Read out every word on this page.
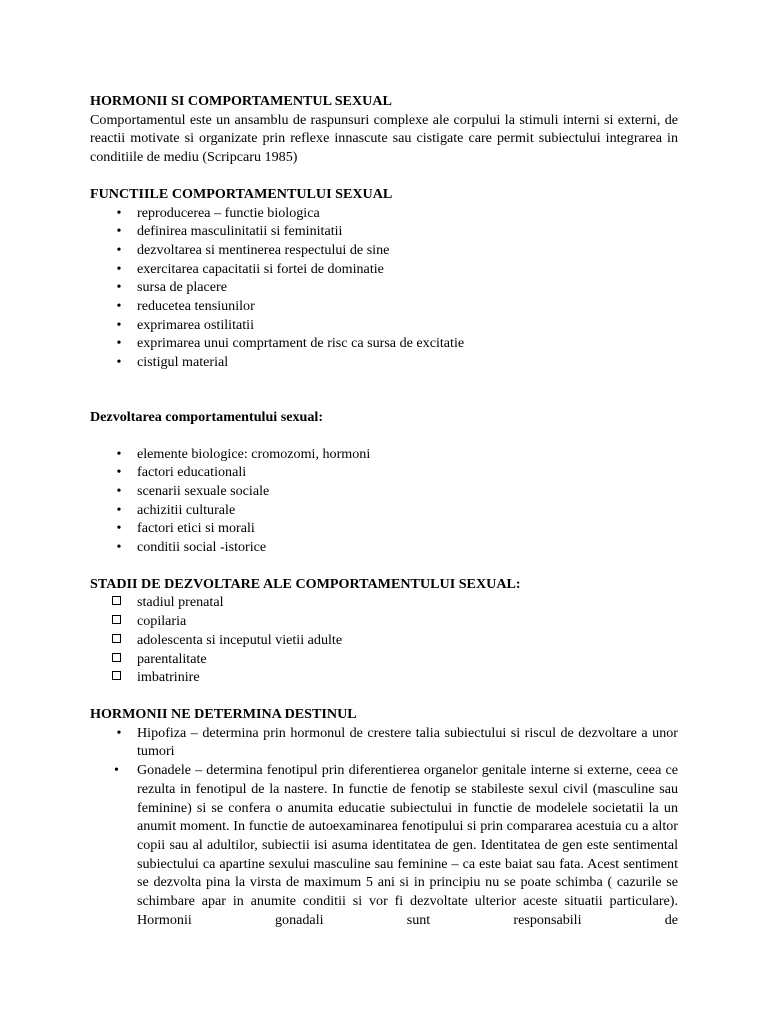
HORMONII SI COMPORTAMENTUL SEXUAL

Comportamentul este un ansamblu de raspunsuri complexe ale corpului la stimuli interni si externi, de reactii motivate si organizate prin reflexe innascute sau cistigate care permit subiectului integrarea in conditiile de mediu (Scripcaru 1985)

FUNCTIILE COMPORTAMENTULUI SEXUAL

• reproducerea – functie biologica
• definirea masculinitatii si feminitatii
• dezvoltarea si mentinerea respectului de sine
• exercitarea capacitatii si fortei de dominatie
• sursa de placere
• reducetea tensiunilor
• exprimarea ostilitatii
• exprimarea unui comprtament de risc ca sursa de excitatie
• cistigul material

Dezvoltarea comportamentului sexual:

• elemente biologice: cromozomi, hormoni
• factori educationali
• scenarii sexuale sociale
• achizitii culturale
• factori etici si morali
• conditii social -istorice

STADII DE DEZVOLTARE ALE COMPORTAMENTULUI SEXUAL:

stadiul prenatal
copilaria
adolescenta si inceputul vietii adulte
parentalitate
imbatrinire

HORMONII NE DETERMINA DESTINUL

• Hipofiza – determina prin hormonul de crestere talia subiectului si riscul de dezvoltare a unor tumori
•	Gonadele – determina fenotipul prin diferentierea organelor genitale interne si externe, ceea ce rezulta in fenotipul de la nastere. In functie de fenotip se stabileste sexul civil (masculine sau feminine) si se confera o anumita educatie subiectului in functie de modelele societatii la un anumit moment. In functie de autoexaminarea fenotipului si prin compararea acestuia cu a altor copii sau al adultilor, subiectii isi asuma identitatea de gen. Identitatea de gen este sentimental subiectului ca apartine sexului masculine sau feminine – ca este baiat sau fata. Acest sentiment se dezvolta pina la virsta de maximum 5 ani si in principiu nu se poate schimba ( cazurile se schimbare apar in anumite conditii si vor fi dezvoltate ulterior aceste situatii particulare). Hormonii gonadali sunt responsabili de
